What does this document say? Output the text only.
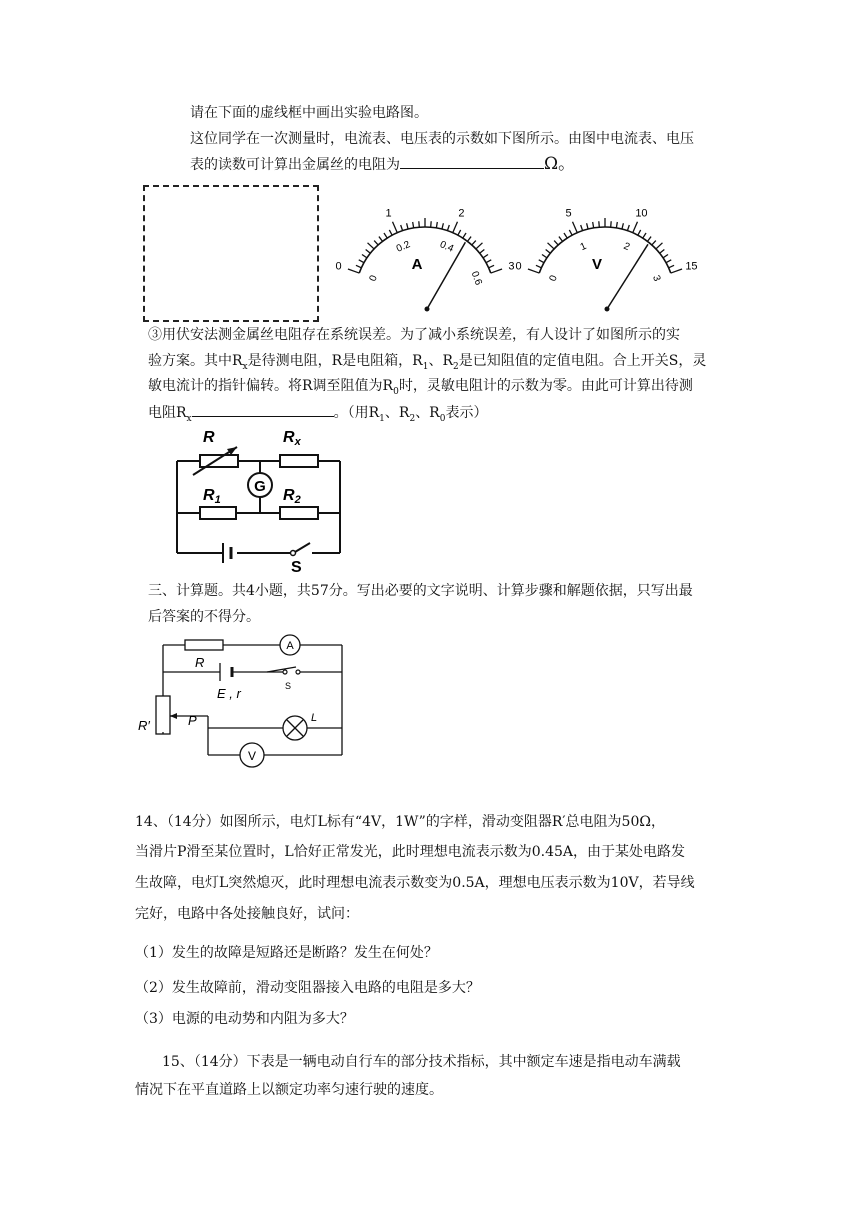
请在下面的虚线框中画出实验电路图。
这位同学在一次测量时，电流表、电压表的示数如下图所示。由图中电流表、电压
表的读数可计算出金属丝的电阻为	Ω。
0
1	2
3
0
0.2	0.4
0.6
A	0
5	10
15
0
1	2
3
V
③用伏安法测金属丝电阻存在系统误差。为了减小系统误差，有人设计了如图所示的实
验方案。其中$R_x$是待测电阻，R是电阻箱，$R_1$、$R_2$是已知阻值的定值电阻。合上开关S，灵
敏电流计的指针偏转。将R调至阻值为$R_0$时，灵敏电阻计的示数为零。由此可计算出待测
电阻$R_x$	。（用$R_1$、$R_2$、$R_0$表示）
G
R	Rx
R1	R2
S
三、计算题。共4小题，共57分。写出必要的文字说明、计算步骤和解题依据，只写出最
后答案的不得分。
A
V
R
E , r	S
R′	P	L
14、（14分）如图所示，电灯L标有“4V，1W”的字样，滑动变阻器R′总电阻为50Ω，
当滑片P滑至某位置时，L恰好正常发光，此时理想电流表示数为0.45A，由于某处电路发
生故障，电灯L突然熄灭，此时理想电流表示数变为0.5A，理想电压表示数为10V，若导线
完好，电路中各处接触良好，试问：
（1）发生的故障是短路还是断路？发生在何处？
（2）发生故障前，滑动变阻器接入电路的电阻是多大？
（3）电源的电动势和内阻为多大？
15、（14分）下表是一辆电动自行车的部分技术指标，其中额定车速是指电动车满载
情况下在平直道路上以额定功率匀速行驶的速度。
